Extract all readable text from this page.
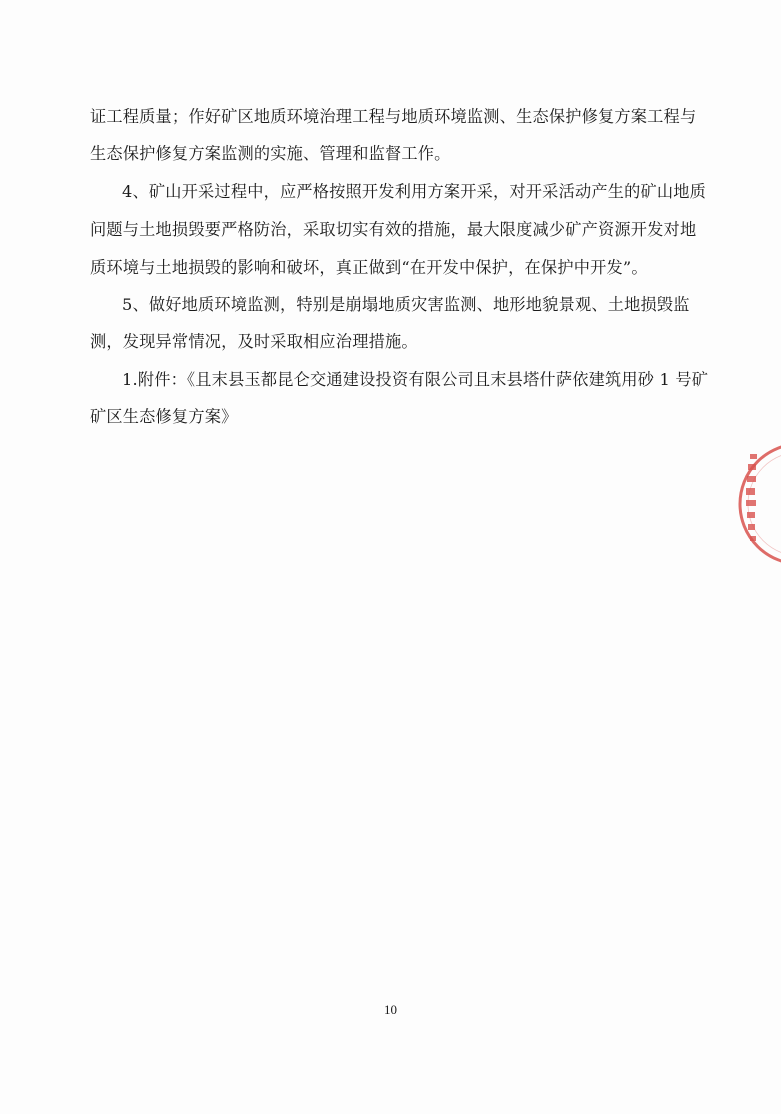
证工程质量；作好矿区地质环境治理工程与地质环境监测、生态保护修复方案工程与
生态保护修复方案监测的实施、管理和监督工作。
4、矿山开采过程中，应严格按照开发利用方案开采，对开采活动产生的矿山地质
问题与土地损毁要严格防治，采取切实有效的措施，最大限度减少矿产资源开发对地
质环境与土地损毁的影响和破坏，真正做到“在开发中保护，在保护中开发”。
5、做好地质环境监测，特别是崩塌地质灾害监测、地形地貌景观、土地损毁监
测，发现异常情况，及时采取相应治理措施。
1.附件：《且末县玉都昆仑交通建设投资有限公司且末县塔什萨依建筑用砂 1 号矿
矿区生态修复方案》
10
